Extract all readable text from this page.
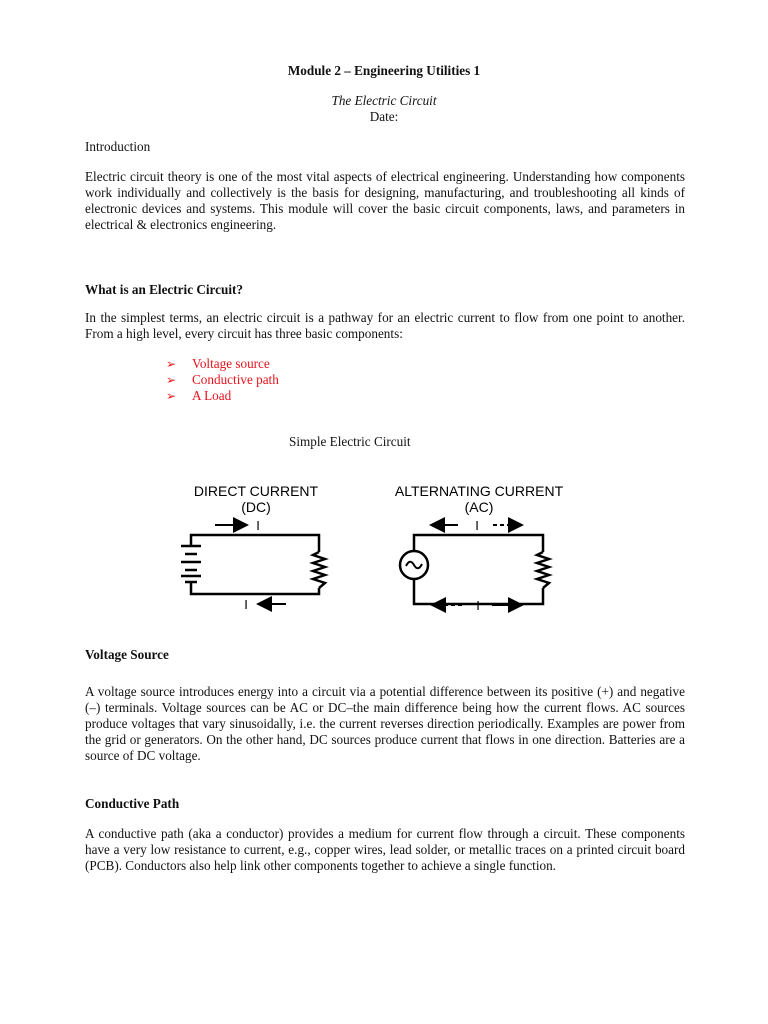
Module 2 – Engineering Utilities 1
The Electric Circuit
Date:
Introduction

Electric circuit theory is one of the most vital aspects of electrical engineering. Understanding how components work individually and collectively is the basis for designing, manufacturing, and troubleshooting all kinds of electronic devices and systems. This module will cover the basic circuit components, laws, and parameters in electrical & electronics engineering.

What is an Electric Circuit?

In the simplest terms, an electric circuit is a pathway for an electric current to flow from one point to another. From a high level, every circuit has three basic components:

➢ Voltage source
➢ Conductive path
➢ A Load
Simple Electric Circuit
DIRECT CURRENT
(DC)
I
I
ALTERNATING CURRENT
(AC)
I
I
Voltage Source

A voltage source introduces energy into a circuit via a potential difference between its positive (+) and negative (–) terminals. Voltage sources can be AC or DC–the main difference being how the current flows. AC sources produce voltages that vary sinusoidally, i.e. the current reverses direction periodically. Examples are power from the grid or generators. On the other hand, DC sources produce current that flows in one direction. Batteries are a source of DC voltage.

Conductive Path

A conductive path (aka a conductor) provides a medium for current flow through a circuit. These components have a very low resistance to current, e.g., copper wires, lead solder, or metallic traces on a printed circuit board (PCB). Conductors also help link other components together to achieve a single function.
